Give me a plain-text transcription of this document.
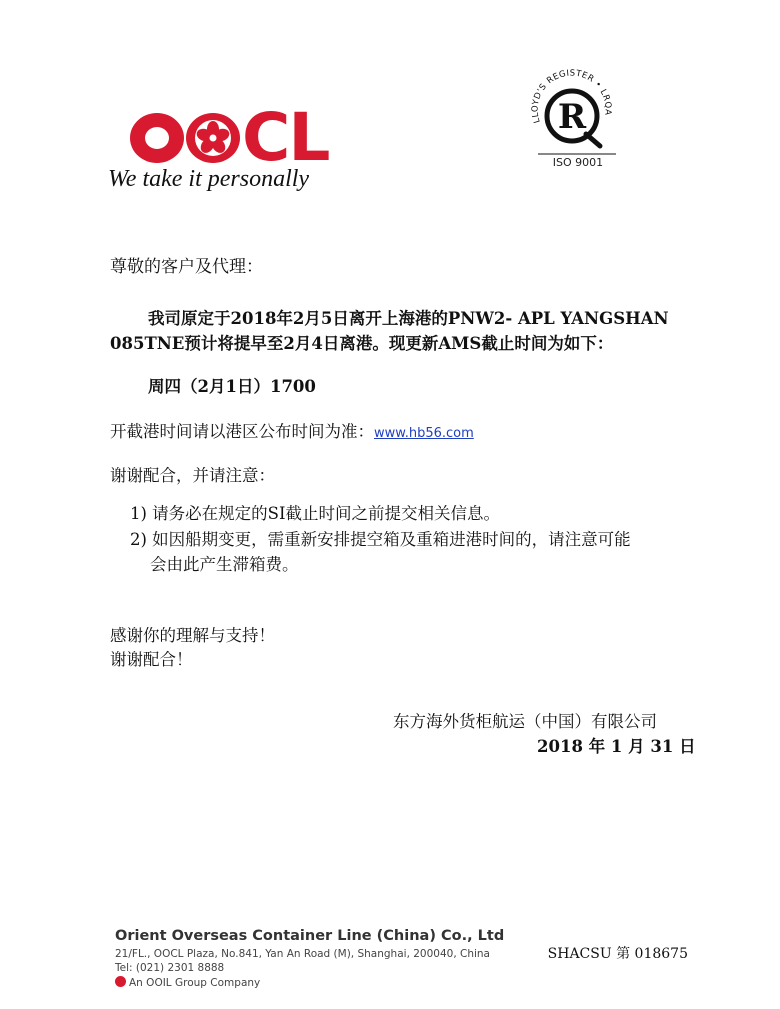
CL
We take it personally
LLOYD'S REGISTER • LRQA
R
ISO 9001
尊敬的客户及代理：
我司原定于2018年2月5日离开上海港的PNW2- APL YANGSHAN
085TNE预计将提早至2月4日离港。现更新AMS截止时间为如下：
周四（2月1日）1700
开截港时间请以港区公布时间为准：www.hb56.com
谢谢配合，并请注意：
1) 请务必在规定的SI截止时间之前提交相关信息。
2) 如因船期变更，需重新安排提空箱及重箱进港时间的，请注意可能
会由此产生滞箱费。
感谢你的理解与支持！
谢谢配合！
东方海外货柜航运（中国）有限公司
2018 年 1 月 31 日
Orient Overseas Container Line (China) Co., Ltd
21/FL., OOCL Plaza, No.841, Yan An Road (M), Shanghai, 200040, China
Tel: (021) 2301 8888
An OOIL Group Company
SHACSU 第 018675
